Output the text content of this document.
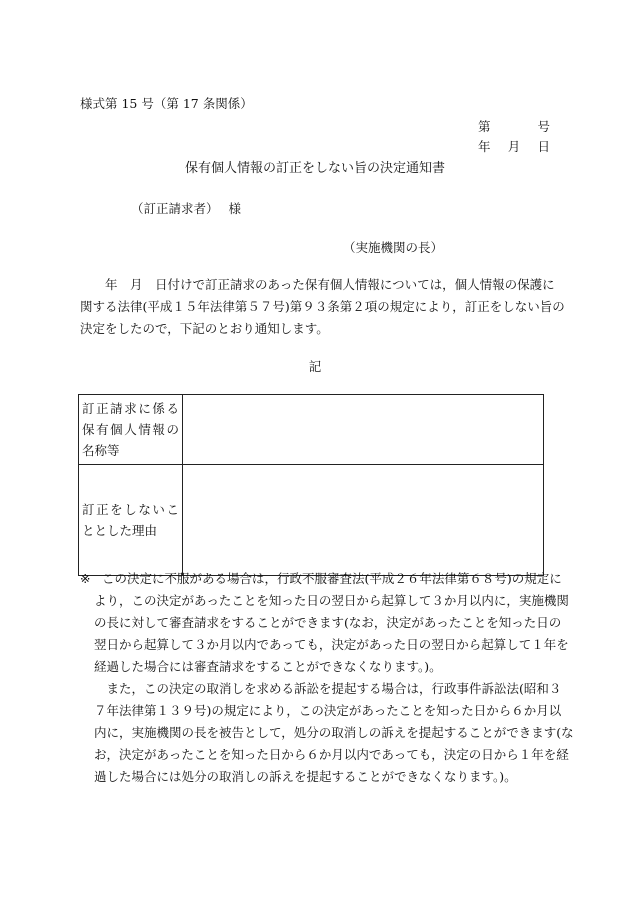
様式第 15 号（第 17 条関係）
第	号
年 月 日
保有個人情報の訂正をしない旨の決定通知書
（訂正請求者） 様
（実施機関の長）
　　年　月　日付けで訂正請求のあった保有個人情報については，個人情報の保護に
関する法律(平成１５年法律第５７号)第９３条第２項の規定により，訂正をしない旨の
決定をしたので，下記のとおり通知します。
記
訂正請求に係る
保有個人情報の
名称等	

訂正をしないこ
ととした理由	

※ この決定に不服がある場合は，行政不服審査法(平成２６年法律第６８号)の規定に
より，この決定があったことを知った日の翌日から起算して３か月以内に，実施機関
の長に対して審査請求をすることができます(なお，決定があったことを知った日の
翌日から起算して３か月以内であっても，決定があった日の翌日から起算して１年を
経過した場合には審査請求をすることができなくなります。)。
　また，この決定の取消しを求める訴訟を提起する場合は，行政事件訴訟法(昭和３
７年法律第１３９号)の規定により，この決定があったことを知った日から６か月以
内に，実施機関の長を被告として，処分の取消しの訴えを提起することができます(な
お，決定があったことを知った日から６か月以内であっても，決定の日から１年を経
過した場合には処分の取消しの訴えを提起することができなくなります。)。
